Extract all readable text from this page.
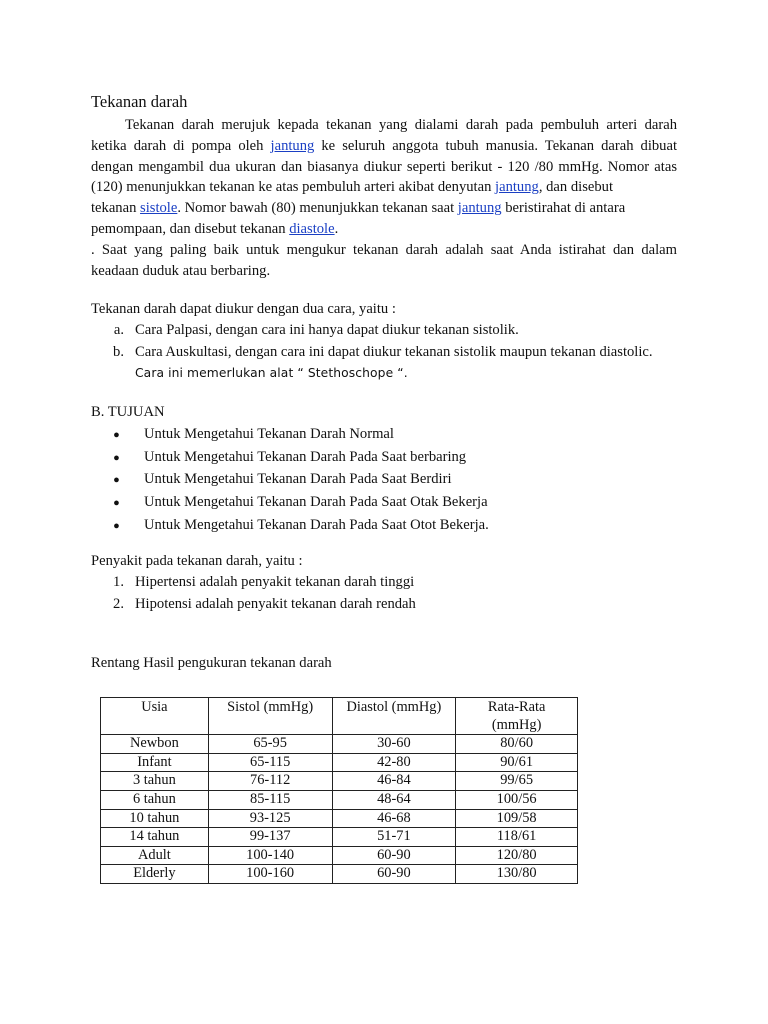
Tekanan darah

Tekanan darah merujuk kepada tekanan yang dialami darah pada pembuluh arteri darah

ketika darah di pompa oleh jantung ke seluruh anggota tubuh manusia. Tekanan darah dibuat

dengan mengambil dua ukuran dan biasanya diukur seperti berikut - 120 /80 mmHg. Nomor atas

(120) menunjukkan tekanan ke atas pembuluh arteri akibat denyutan jantung, dan disebut

tekanan sistole. Nomor bawah (80) menunjukkan tekanan saat jantung beristirahat di antara

pemompaan, dan disebut tekanan diastole.

. Saat yang paling baik untuk mengukur tekanan darah adalah saat Anda istirahat dan dalam

keadaan duduk atau berbaring.

Tekanan darah dapat diukur dengan dua cara, yaitu :

a. Cara Palpasi, dengan cara ini hanya dapat diukur tekanan sistolik.
b. Cara Auskultasi, dengan cara ini dapat diukur tekanan sistolik maupun tekanan diastolic.
Cara ini memerlukan alat “ Stethoschope “.

B. TUJUAN

●	Untuk Mengetahui Tekanan Darah Normal
●	Untuk Mengetahui Tekanan Darah Pada Saat berbaring
●	Untuk Mengetahui Tekanan Darah Pada Saat Berdiri
●	Untuk Mengetahui Tekanan Darah Pada Saat Otak Bekerja
●	Untuk Mengetahui Tekanan Darah Pada Saat Otot Bekerja.

Penyakit pada tekanan darah, yaitu :

1. Hipertensi adalah penyakit tekanan darah tinggi
2. Hipotensi adalah penyakit tekanan darah rendah

Rentang Hasil pengukuran tekanan darah

Usia	Sistol (mmHg)	Diastol (mmHg)	Rata-Rata
(mmHg)
Newbon	65-95	30-60	80/60
Infant	65-115	42-80	90/61
3 tahun	76-112	46-84	99/65
6 tahun	85-115	48-64	100/56
10 tahun	93-125	46-68	109/58
14 tahun	99-137	51-71	118/61
Adult	100-140	60-90	120/80
Elderly	100-160	60-90	130/80
